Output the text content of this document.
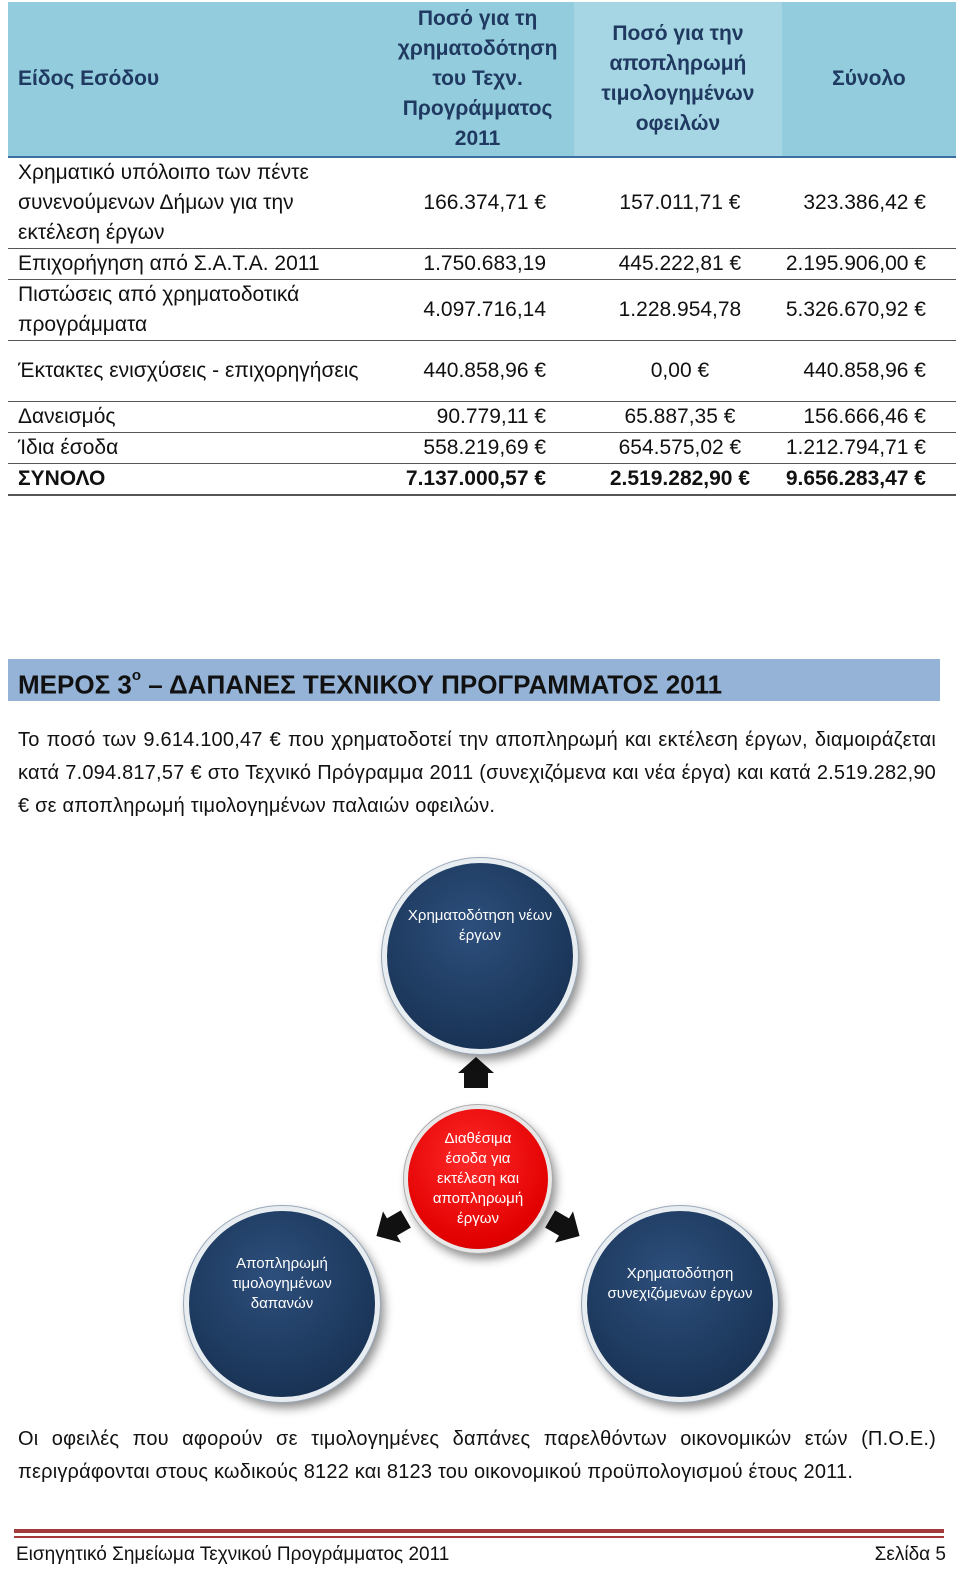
Είδος Εσόδου	Ποσό για τη χρηματοδότηση του Τεχν. Προγράμματος 2011	Ποσό για την αποπληρωμή τιμολογημένων οφειλών	Σύνολο
Χρηματικό υπόλοιπο των πέντε συνενούμενων Δήμων για την εκτέλεση έργων	166.374,71 €	157.011,71 €	323.386,42 €
Επιχορήγηση από Σ.Α.Τ.Α. 2011	1.750.683,19	445.222,81 €	2.195.906,00 €
Πιστώσεις από χρηματοδοτικά προγράμματα	4.097.716,14	1.228.954,78	5.326.670,92 €
Έκτακτες ενισχύσεις - επιχορηγήσεις	440.858,96 €	0,00 €	440.858,96 €
Δανεισμός	90.779,11 €	65.887,35 €	156.666,46 €
Ίδια έσοδα	558.219,69 €	654.575,02 €	1.212.794,71 €
ΣΥΝΟΛΟ	7.137.000,57 €	2.519.282,90 €	9.656.283,47 €
ΜΕΡΟΣ $3^o$ – ΔΑΠΑΝΕΣ ΤΕΧΝΙΚΟΥ ΠΡΟΓΡΑΜΜΑΤΟΣ 2011

Το ποσό των 9.614.100,47 € που χρηματοδοτεί την αποπληρωμή και εκτέλεση έργων, διαμοιράζεται κατά 7.094.817,57 € στο Τεχνικό Πρόγραμμα 2011 (συνεχιζόμενα και νέα έργα) και κατά 2.519.282,90 € σε αποπληρωμή τιμολογημένων παλαιών οφειλών.

Χρηματοδότηση νέων έργων
Διαθέσιμα έσοδα για εκτέλεση και αποπληρωμή έργων
Αποπληρωμή τιμολογημένων δαπανών
Χρηματοδότηση συνεχιζόμενων έργων

Οι οφειλές που αφορούν σε τιμολογημένες δαπάνες παρελθόντων οικονομικών ετών (Π.Ο.Ε.) περιγράφονται στους κωδικούς 8122 και 8123 του οικονομικού προϋπολογισμού έτους 2011.

Εισηγητικό Σημείωμα Τεχνικού Προγράμματος 2011	Σελίδα 5
